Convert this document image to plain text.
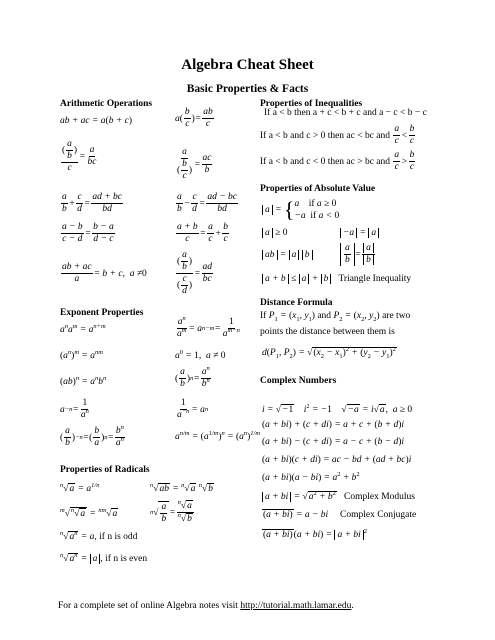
Algebra Cheat Sheet
Basic Properties & Facts
Arithmetic Operations
ab + ac = a ( b + c )	a (
b
c
) =
ab
c
( $\frac{a}{b}$ )
c
=
a
bc
a
( $\frac{b}{c}$ )
=
ac
b
a
b
+
c
d
=
ad + bc
bd
a
b
−
c
d
=
ad − bc
bd
a − b
c − d
=
b − a
d − c
a + b
c
=
a
c
+
b
c
ab + ac
a
= b + c , a ≠ 0
( $\frac{a}{b}$ )
( $\frac{c}{d}$ )
=
ad
bc
Exponent Properties
$a^na^m = a^{n+m}$	$a^n$
$a^m = a$ n−m =
1
$a^{m-n}$
$(a^n)^m = a^{nm}$	$a^0 = 1$,  a ≠ 0
$(ab)^n = a^nb^n$	(
a
b
) n =
$a^n$
$b^n$
a −n =
1
$a^n$
1
$a^{-n} = a$ n
(
a
b
) −n = (
b
a
) n =
$b^n$
$a^n$	$a^{n/m} = (a^{1/m})^n = (a^n)^{1/m}$
Properties of Radicals
$^n√a = a^{1/n}$	$^n$√ab = $^n$√a $^n$√b
$^m$√$^n$√a = $^{nm}$√a	n √ $\frac{a}{b}$ =
$^n$√a
$^n$√b
$^n√a^n = a$, if n is odd
$^n√a^n = a$ , if n is even
Properties of Inequalities
If a < b then a + c < b + c and a − c < b − c
If a < b and c > 0 then ac < bc and

a
c
<
b
c
If a < b and c < 0 then ac > bc and

a
c
>
b
c
Properties of Absolute Value
a = { a    if a ≥ 0
−a  if a < 0
a ≥ 0	−a = a
ab = a b	$\frac{a}{b}$ =
a
b
a + b ≤ a + b Triangle Inequality
Distance Formula
If $P_1 = (x_1$, $y_1$) and $P_2 = (x_2$, $y_2$) are two
points the distance between them is
$d(P_1$, $P_2) = √(x_2 - x_1)^2 + (y_2 - y_1)^2$
Complex Numbers
i = √−1    $i^2 = -1$    √−a = i√a,  a ≥ 0
(a + bi) + (c + di) = a + c + (b + d)i
(a + bi) − (c + di) = a − c + (b − d)i
(a + bi)(c + di) = ac − bd + (ad + bc)i
$(a + bi)(a - bi) = a^2 + b^2$
a + bi = $√a^2 + b^2$ Complex Modulus
(a + bi) = a − bi     Complex Conjugate
(a + bi)(a + bi) = a + bi $^2$
For a complete set of online Algebra notes visit http://tutorial.math.lamar.edu.
